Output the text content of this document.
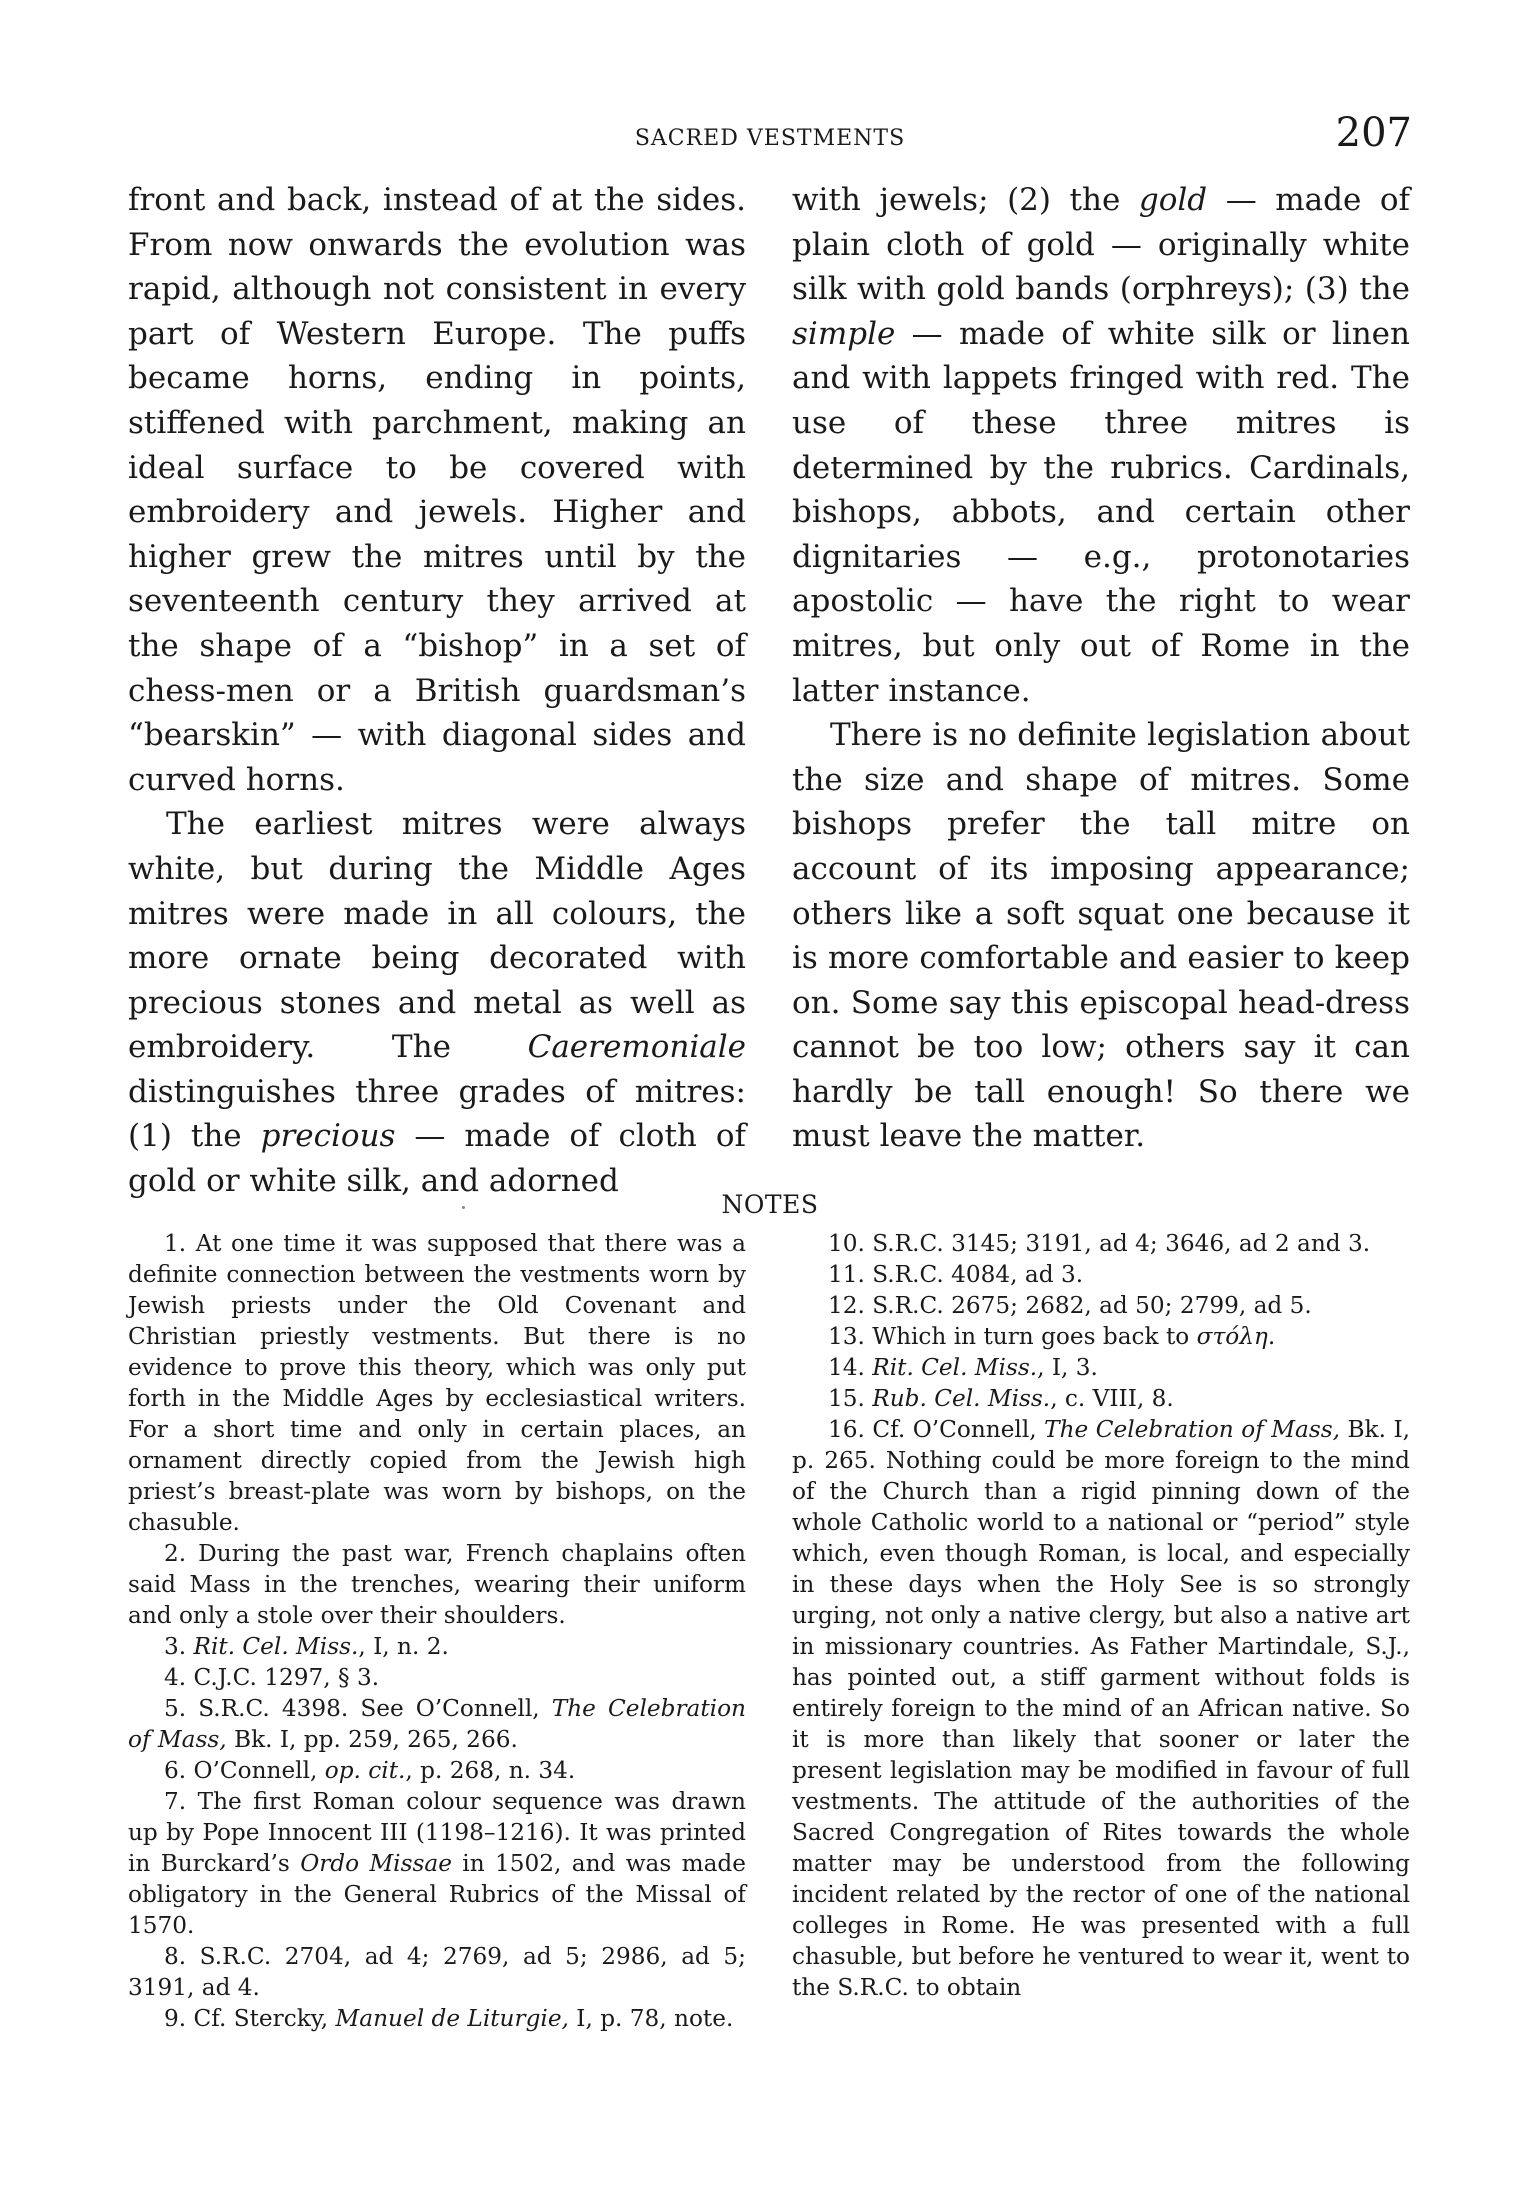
SACRED VESTMENTS	207

front and back, instead of at the sides. From now onwards the evolution was rapid, although not consistent in every part of Western Europe. The puffs became horns, ending in points, stiffened with parchment, making an ideal surface to be covered with embroidery and jewels. Higher and higher grew the mitres until by the seventeenth century they arrived at the shape of a “bishop” in a set of chess-men or a British guardsman’s “bearskin” — with diagonal sides and curved horns.

The earliest mitres were always white, but during the Middle Ages mitres were made in all colours, the more ornate being decorated with precious stones and metal as well as embroidery. The Caeremoniale distinguishes three grades of mitres: (1) the precious — made of cloth of gold or white silk, and adorned

with jewels; (2) the gold — made of plain cloth of gold — originally white silk with gold bands (orphreys); (3) the simple — made of white silk or linen and with lappets fringed with red. The use of these three mitres is determined by the rubrics. Cardinals, bishops, abbots, and certain other dignitaries — e.g., protonotaries apostolic — have the right to wear mitres, but only out of Rome in the latter instance.

There is no definite legislation about the size and shape of mitres. Some bishops prefer the tall mitre on account of its imposing appearance; others like a soft squat one because it is more comfortable and easier to keep on. Some say this episcopal head-dress cannot be too low; others say it can hardly be tall enough! So there we must leave the matter.

NOTES

1. At one time it was supposed that there was a definite connection between the vestments worn by Jewish priests under the Old Covenant and Christian priestly vestments. But there is no evidence to prove this theory, which was only put forth in the Middle Ages by ecclesiastical writers. For a short time and only in certain places, an ornament directly copied from the Jewish high priest’s breast-plate was worn by bishops, on the chasuble.

2. During the past war, French chaplains often said Mass in the trenches, wearing their uniform and only a stole over their shoulders.

3. Rit. Cel. Miss., I, n. 2.

4. C.J.C. 1297, § 3.

5. S.R.C. 4398. See O’Connell, The Celebration of Mass, Bk. I, pp. 259, 265, 266.

6. O’Connell, op. cit., p. 268, n. 34.

7. The first Roman colour sequence was drawn up by Pope Innocent III (1198–1216). It was printed in Burckard’s Ordo Missae in 1502, and was made obligatory in the General Rubrics of the Missal of 1570.

8. S.R.C. 2704, ad 4; 2769, ad 5; 2986, ad 5; 3191, ad 4.

9. Cf. Stercky, Manuel de Liturgie, I, p. 78, note.

10. S.R.C. 3145; 3191, ad 4; 3646, ad 2 and 3.

11. S.R.C. 4084, ad 3.

12. S.R.C. 2675; 2682, ad 50; 2799, ad 5.

13. Which in turn goes back to στόλη.

14. Rit. Cel. Miss., I, 3.

15. Rub. Cel. Miss., c. VIII, 8.

16. Cf. O’Connell, The Celebration of Mass, Bk. I, p. 265. Nothing could be more foreign to the mind of the Church than a rigid pinning down of the whole Catholic world to a national or “period” style which, even though Roman, is local, and especially in these days when the Holy See is so strongly urging, not only a native clergy, but also a native art in missionary countries. As Father Martindale, S.J., has pointed out, a stiff garment without folds is entirely foreign to the mind of an African native. So it is more than likely that sooner or later the present legislation may be modified in favour of full vestments. The attitude of the authorities of the Sacred Congregation of Rites towards the whole matter may be understood from the following incident related by the rector of one of the national colleges in Rome. He was presented with a full chasuble, but before he ventured to wear it, went to the S.R.C. to obtain
